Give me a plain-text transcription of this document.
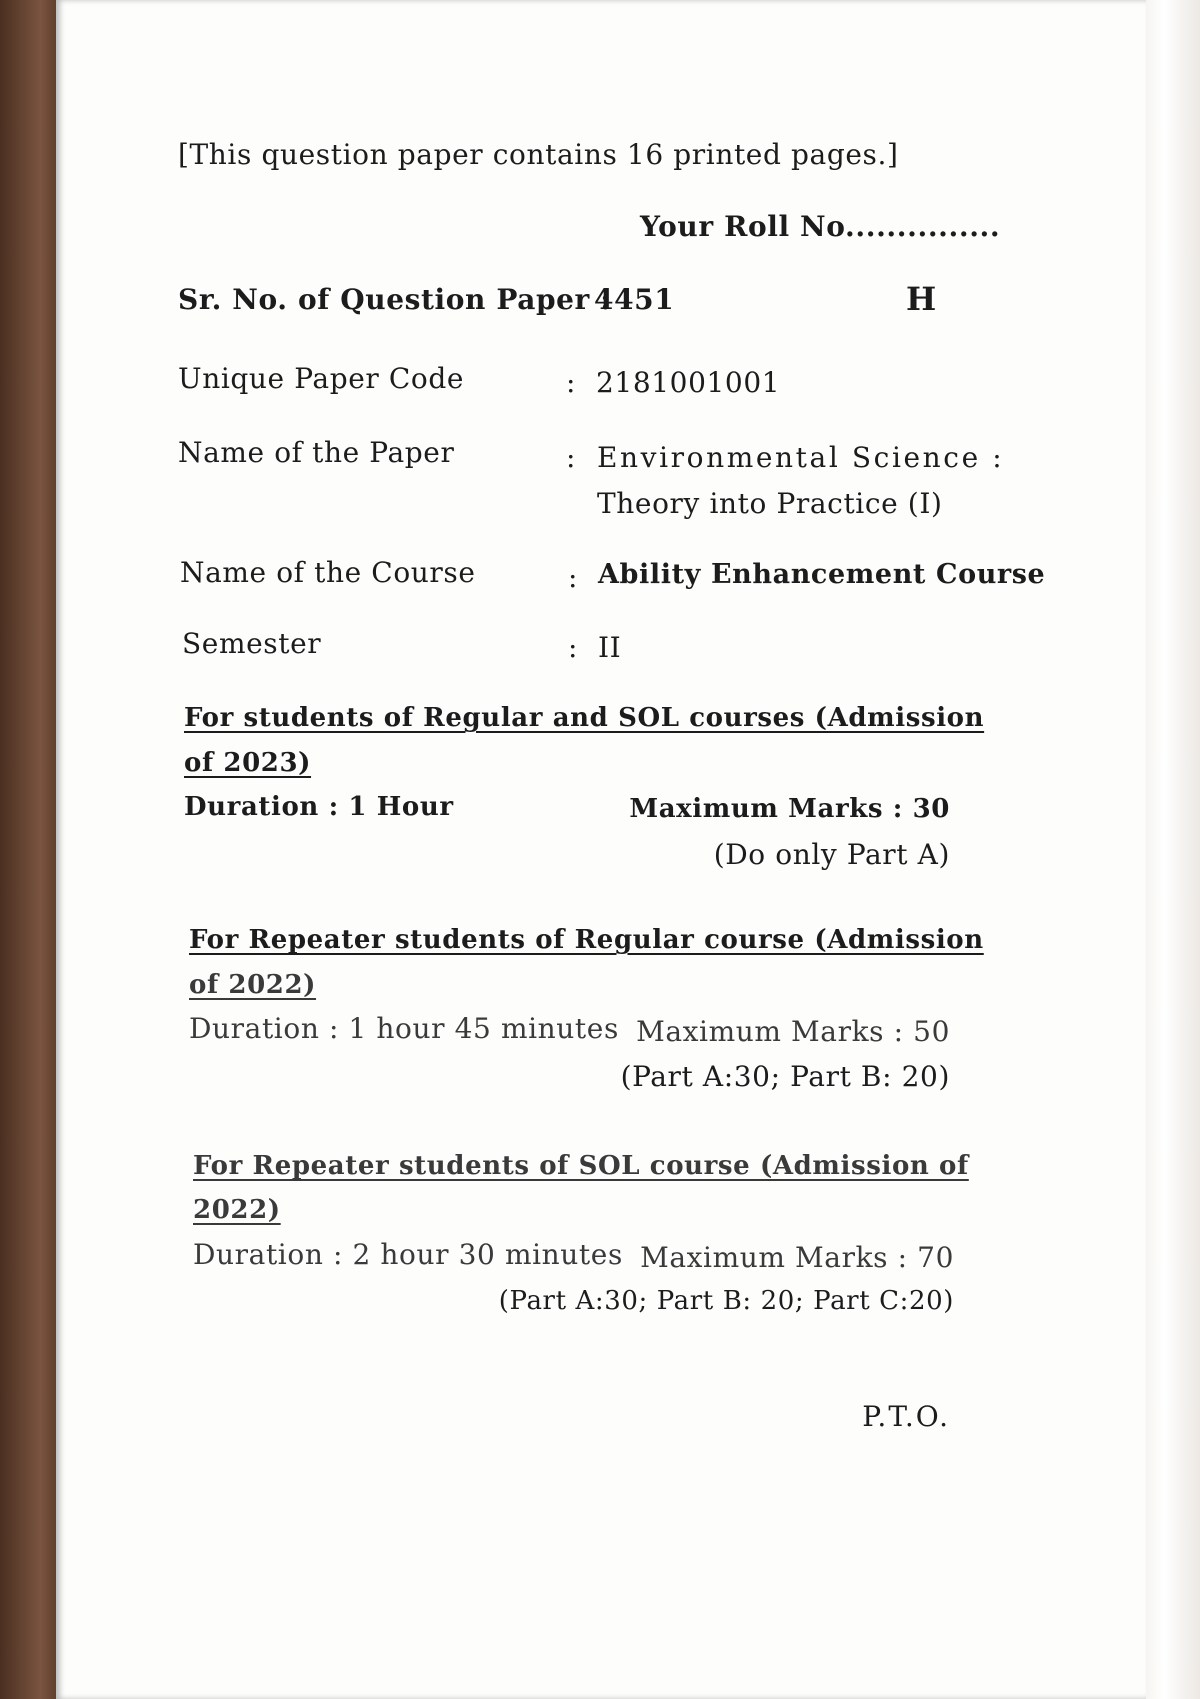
[This question paper contains 16 printed pages.]
Your Roll No...............
Sr. No. of Question Paper :
4451	H
Unique Paper Code	: 2181001001
Name of the Paper	: Environmental Science :
Theory into Practice (I)
Name of the Course	: Ability Enhancement Course
Semester	: II
For students of Regular and SOL courses (Admission
of 2023)
Duration : 1 Hour	Maximum Marks : 30
(Do only Part A)
For Repeater students of Regular course (Admission
of 2022)
Duration : 1 hour 45 minutes Maximum Marks : 50
(Part A:30; Part B: 20)
For Repeater students of SOL course (Admission of
2022)
Duration : 2 hour 30 minutes Maximum Marks : 70
(Part A:30; Part B: 20; Part C:20)
P.T.O.
